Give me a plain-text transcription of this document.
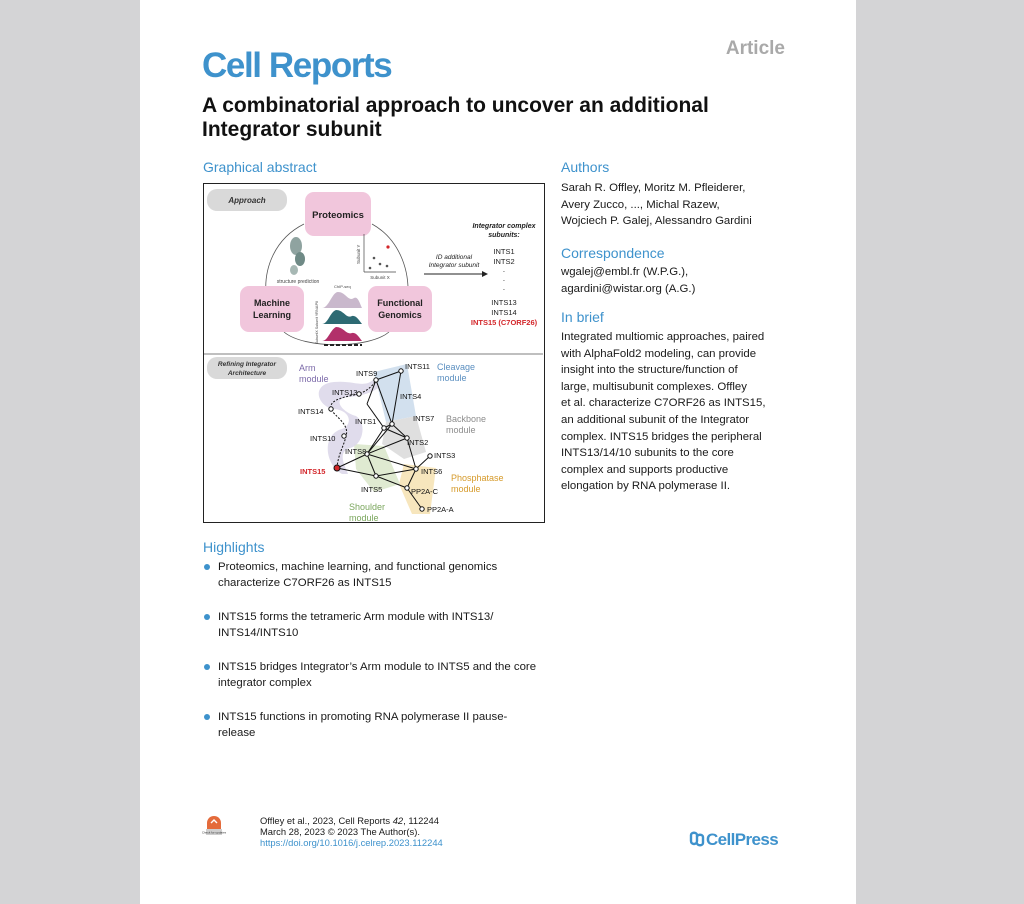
Article
Cell Reports
A combinatorial approach to uncover an additional Integrator subunit
Graphical abstract
Approach
Proteomics
Machine
Learning
Functional
Genomics
structure prediction
Subunit Y
Subunit X
ChIP-seq
RNAPII
SubuntX Subunit Y
ID additional
Integrator subunit
Integrator complex
subunits:
INTS1
INTS2
·
·
·
INTS13
INTS14
INTS15 (C7ORF26)
Refining Integrator
Architecture	INTS9
INTS11
INTS13	INTS4
INTS14
INTS7
INTS1
INTS10	INTS2
INTS8	INTS3
INTS15	INTS6
INTS5	PP2A-C
PP2A-A
Arm
module
Cleavage
module
Backbone
module
Phosphatase
module
Shoulder
module
Authors
Sarah R. Offley, Moritz M. Pfleiderer,
Avery Zucco, ..., Michal Razew,
Wojciech P. Galej, Alessandro Gardini
Correspondence
wgalej@embl.fr (W.P.G.),
agardini@wistar.org (A.G.)
In brief
Integrated multiomic approaches, paired
with AlphaFold2 modeling, can provide
insight into the structure/function of
large, multisubunit complexes. Offley
et al. characterize C7ORF26 as INTS15,
an additional subunit of the Integrator
complex. INTS15 bridges the peripheral
INTS13/14/10 subunits to the core
complex and supports productive
elongation by RNA polymerase II.
Highlights
Proteomics, machine learning, and functional genomics characterize C7ORF26 as INTS15
INTS15 forms the tetrameric Arm module with INTS13/ INTS14/INTS10
INTS15 bridges Integrator’s Arm module to INTS5 and the core integrator complex
INTS15 functions in promoting RNA polymerase II pause-release
Check for updates
Offley et al., 2023, Cell Reports 42, 112244
March 28, 2023 © 2023 The Author(s).
https://doi.org/10.1016/j.celrep.2023.112244	CellPress
